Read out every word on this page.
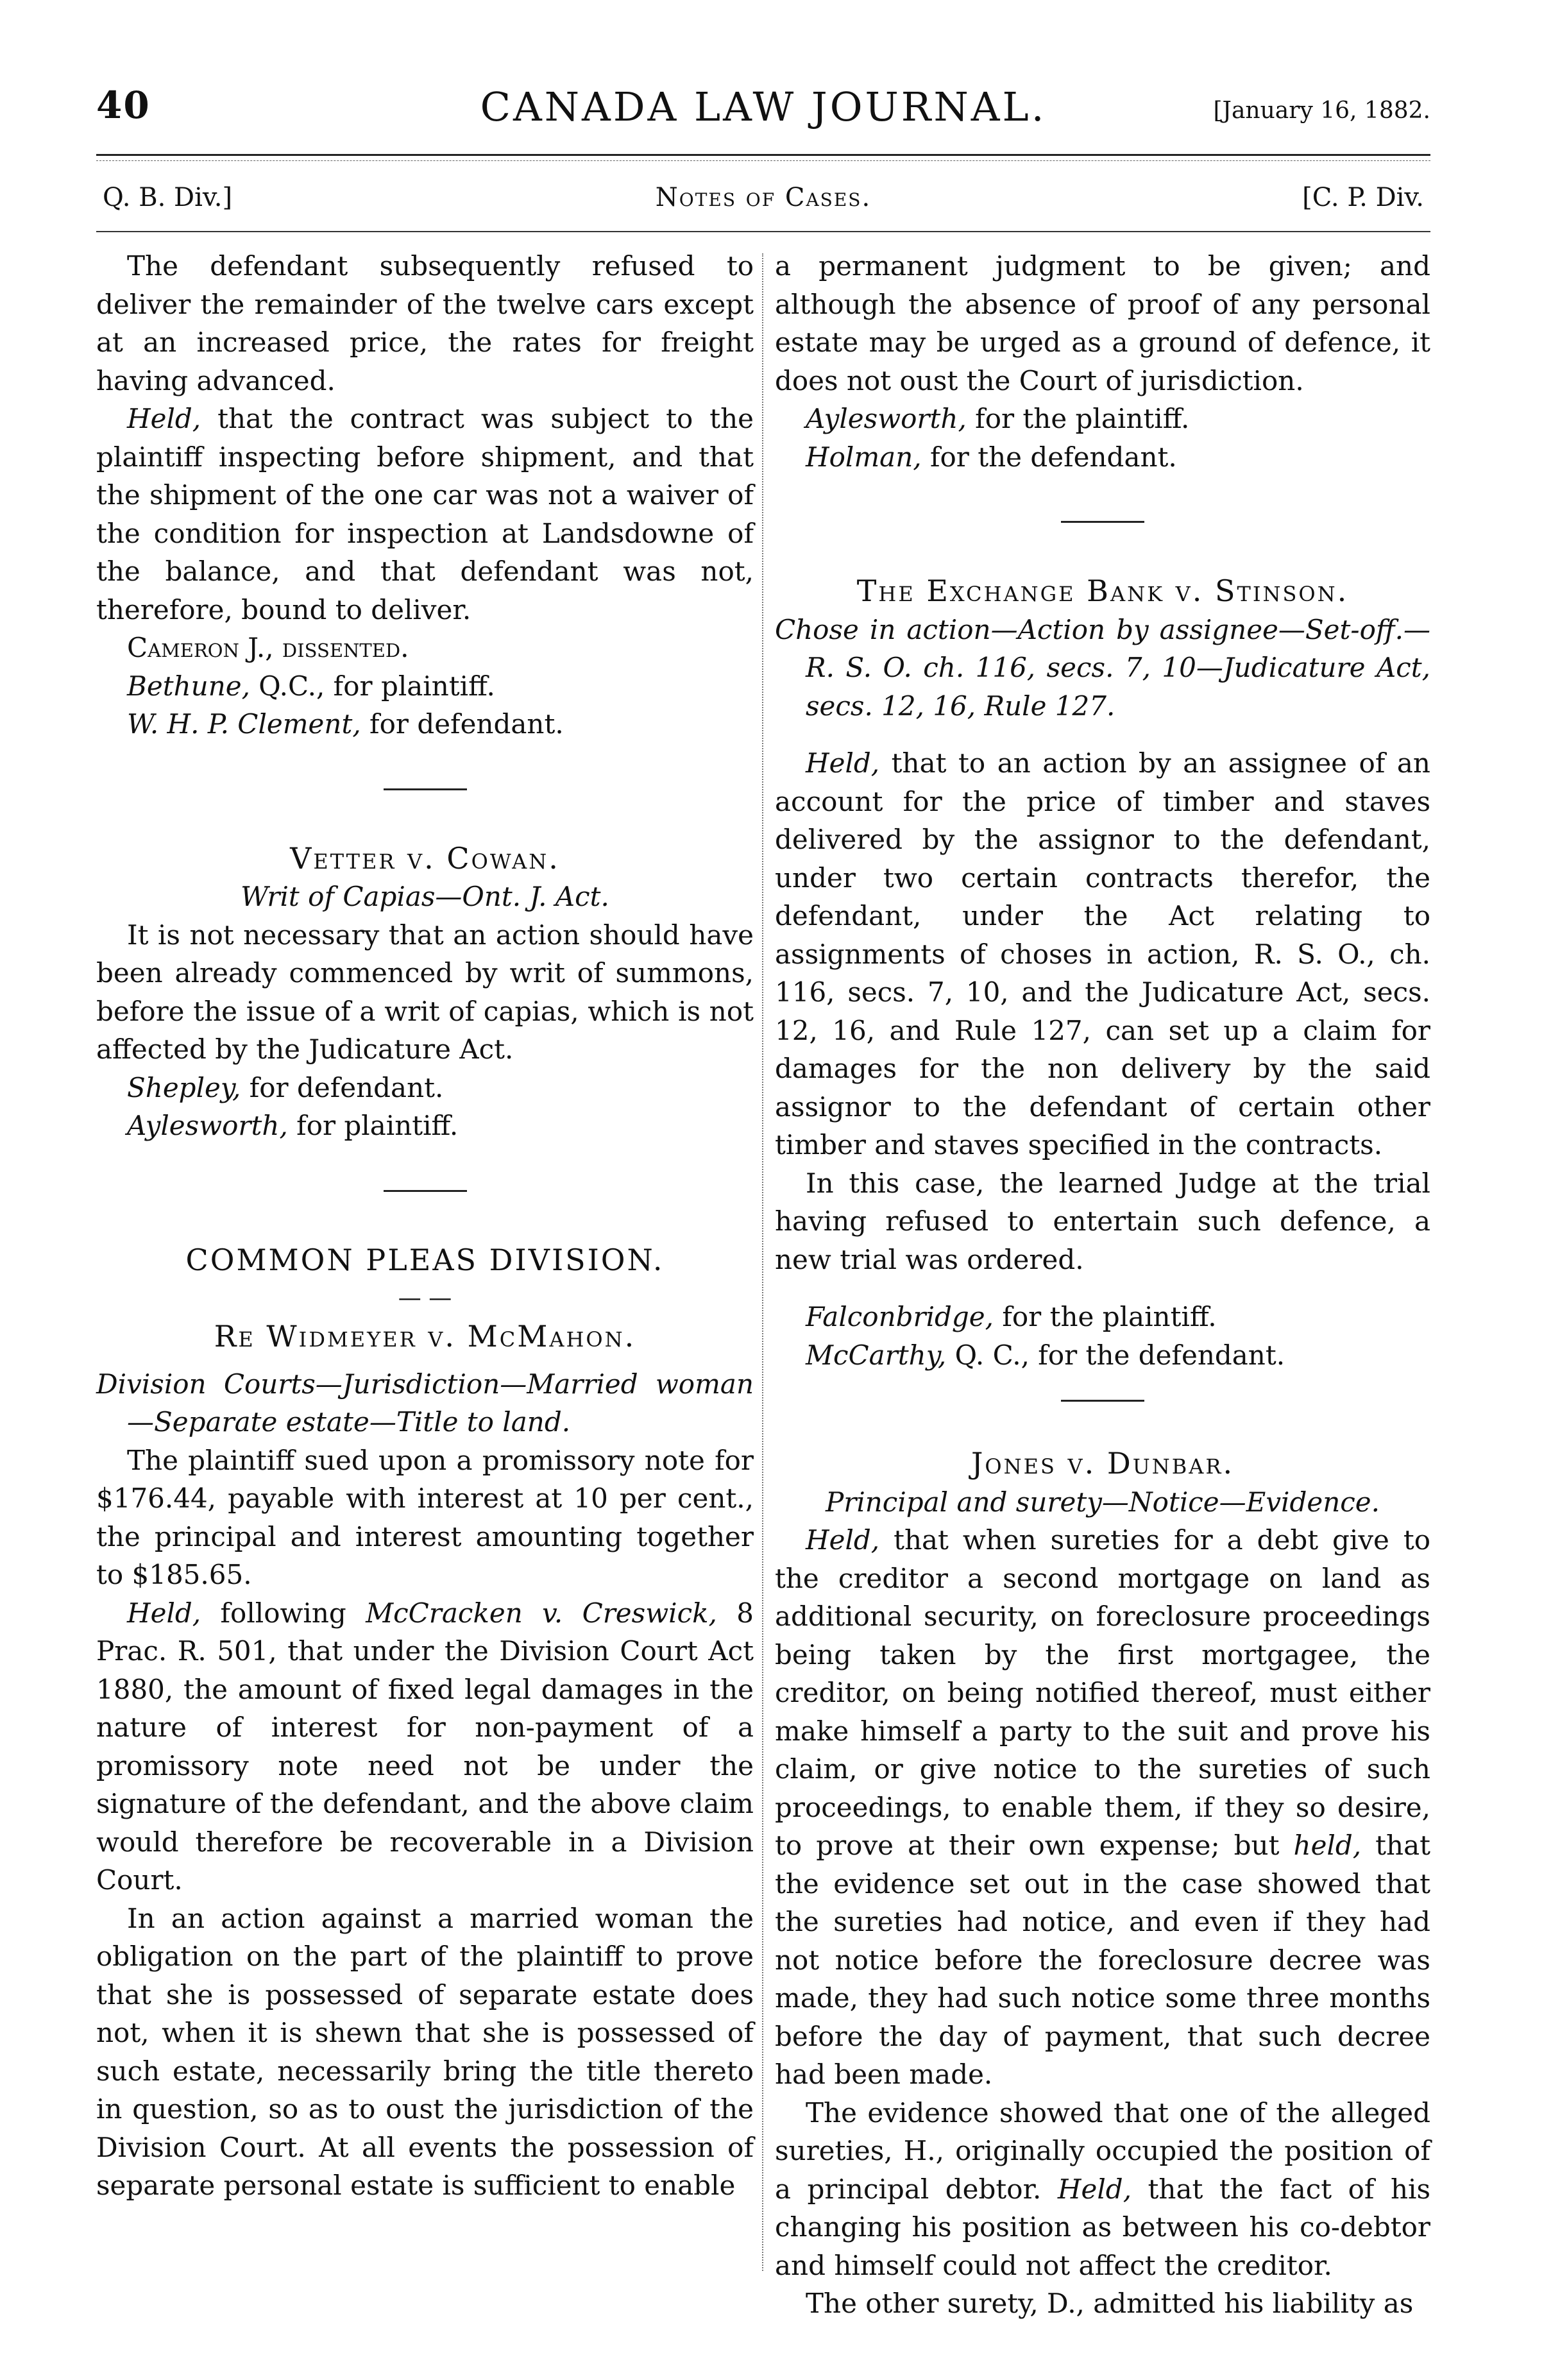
40	CANADA LAW JOURNAL.	[January 16, 1882.
Q. B. Div.]	Notes of Cases.	[C. P. Div.

The defendant subsequently refused to deliver the remainder of the twelve cars except at an increased price, the rates for freight having advanced.

Held, that the contract was subject to the plaintiff inspecting before shipment, and that the shipment of the one car was not a waiver of the condition for inspection at Landsdowne of the balance, and that defendant was not, therefore, bound to deliver.

Cameron J., dissented.

Bethune, Q.C., for plaintiff.

W. H. P. Clement, for defendant.

Vetter v. Cowan.

Writ of Capias—Ont. J. Act.

It is not necessary that an action should have been already commenced by writ of summons, before the issue of a writ of capias, which is not affected by the Judicature Act.

Shepley, for defendant.

Aylesworth, for plaintiff.

COMMON PLEAS DIVISION.

— —

Re Widmeyer v. McMahon.

Division Courts—Jurisdiction—Married woman—Separate estate—Title to land.

The plaintiff sued upon a promissory note for $176.44, payable with interest at 10 per cent., the principal and interest amounting together to $185.65.

Held, following McCracken v. Creswick, 8 Prac. R. 501, that under the Division Court Act 1880, the amount of fixed legal damages in the nature of interest for non-payment of a promissory note need not be under the signature of the defendant, and the above claim would therefore be recoverable in a Division Court.

In an action against a married woman the obligation on the part of the plaintiff to prove that she is possessed of separate estate does not, when it is shewn that she is possessed of such estate, necessarily bring the title thereto in question, so as to oust the jurisdiction of the Division Court. At all events the possession of separate personal estate is sufficient to enable

a permanent judgment to be given; and although the absence of proof of any personal estate may be urged as a ground of defence, it does not oust the Court of jurisdiction.

Aylesworth, for the plaintiff.

Holman, for the defendant.

The Exchange Bank v. Stinson.

Chose in action—Action by assignee—Set-off.—R. S. O. ch. 116, secs. 7, 10—Judicature Act, secs. 12, 16, Rule 127.

Held, that to an action by an assignee of an account for the price of timber and staves delivered by the assignor to the defendant, under two certain contracts therefor, the defendant, under the Act relating to assignments of choses in action, R. S. O., ch. 116, secs. 7, 10, and the Judicature Act, secs. 12, 16, and Rule 127, can set up a claim for damages for the non delivery by the said assignor to the defendant of certain other timber and staves specified in the contracts.

In this case, the learned Judge at the trial having refused to entertain such defence, a new trial was ordered.

Falconbridge, for the plaintiff.

McCarthy, Q. C., for the defendant.

Jones v. Dunbar.

Principal and surety—Notice—Evidence.

Held, that when sureties for a debt give to the creditor a second mortgage on land as additional security, on foreclosure proceedings being taken by the first mortgagee, the creditor, on being notified thereof, must either make himself a party to the suit and prove his claim, or give notice to the sureties of such proceedings, to enable them, if they so desire, to prove at their own expense; but held, that the evidence set out in the case showed that the sureties had notice, and even if they had not notice before the foreclosure decree was made, they had such notice some three months before the day of payment, that such decree had been made.

The evidence showed that one of the alleged sureties, H., originally occupied the position of a principal debtor. Held, that the fact of his changing his position as between his co-debtor and himself could not affect the creditor.

The other surety, D., admitted his liability as
